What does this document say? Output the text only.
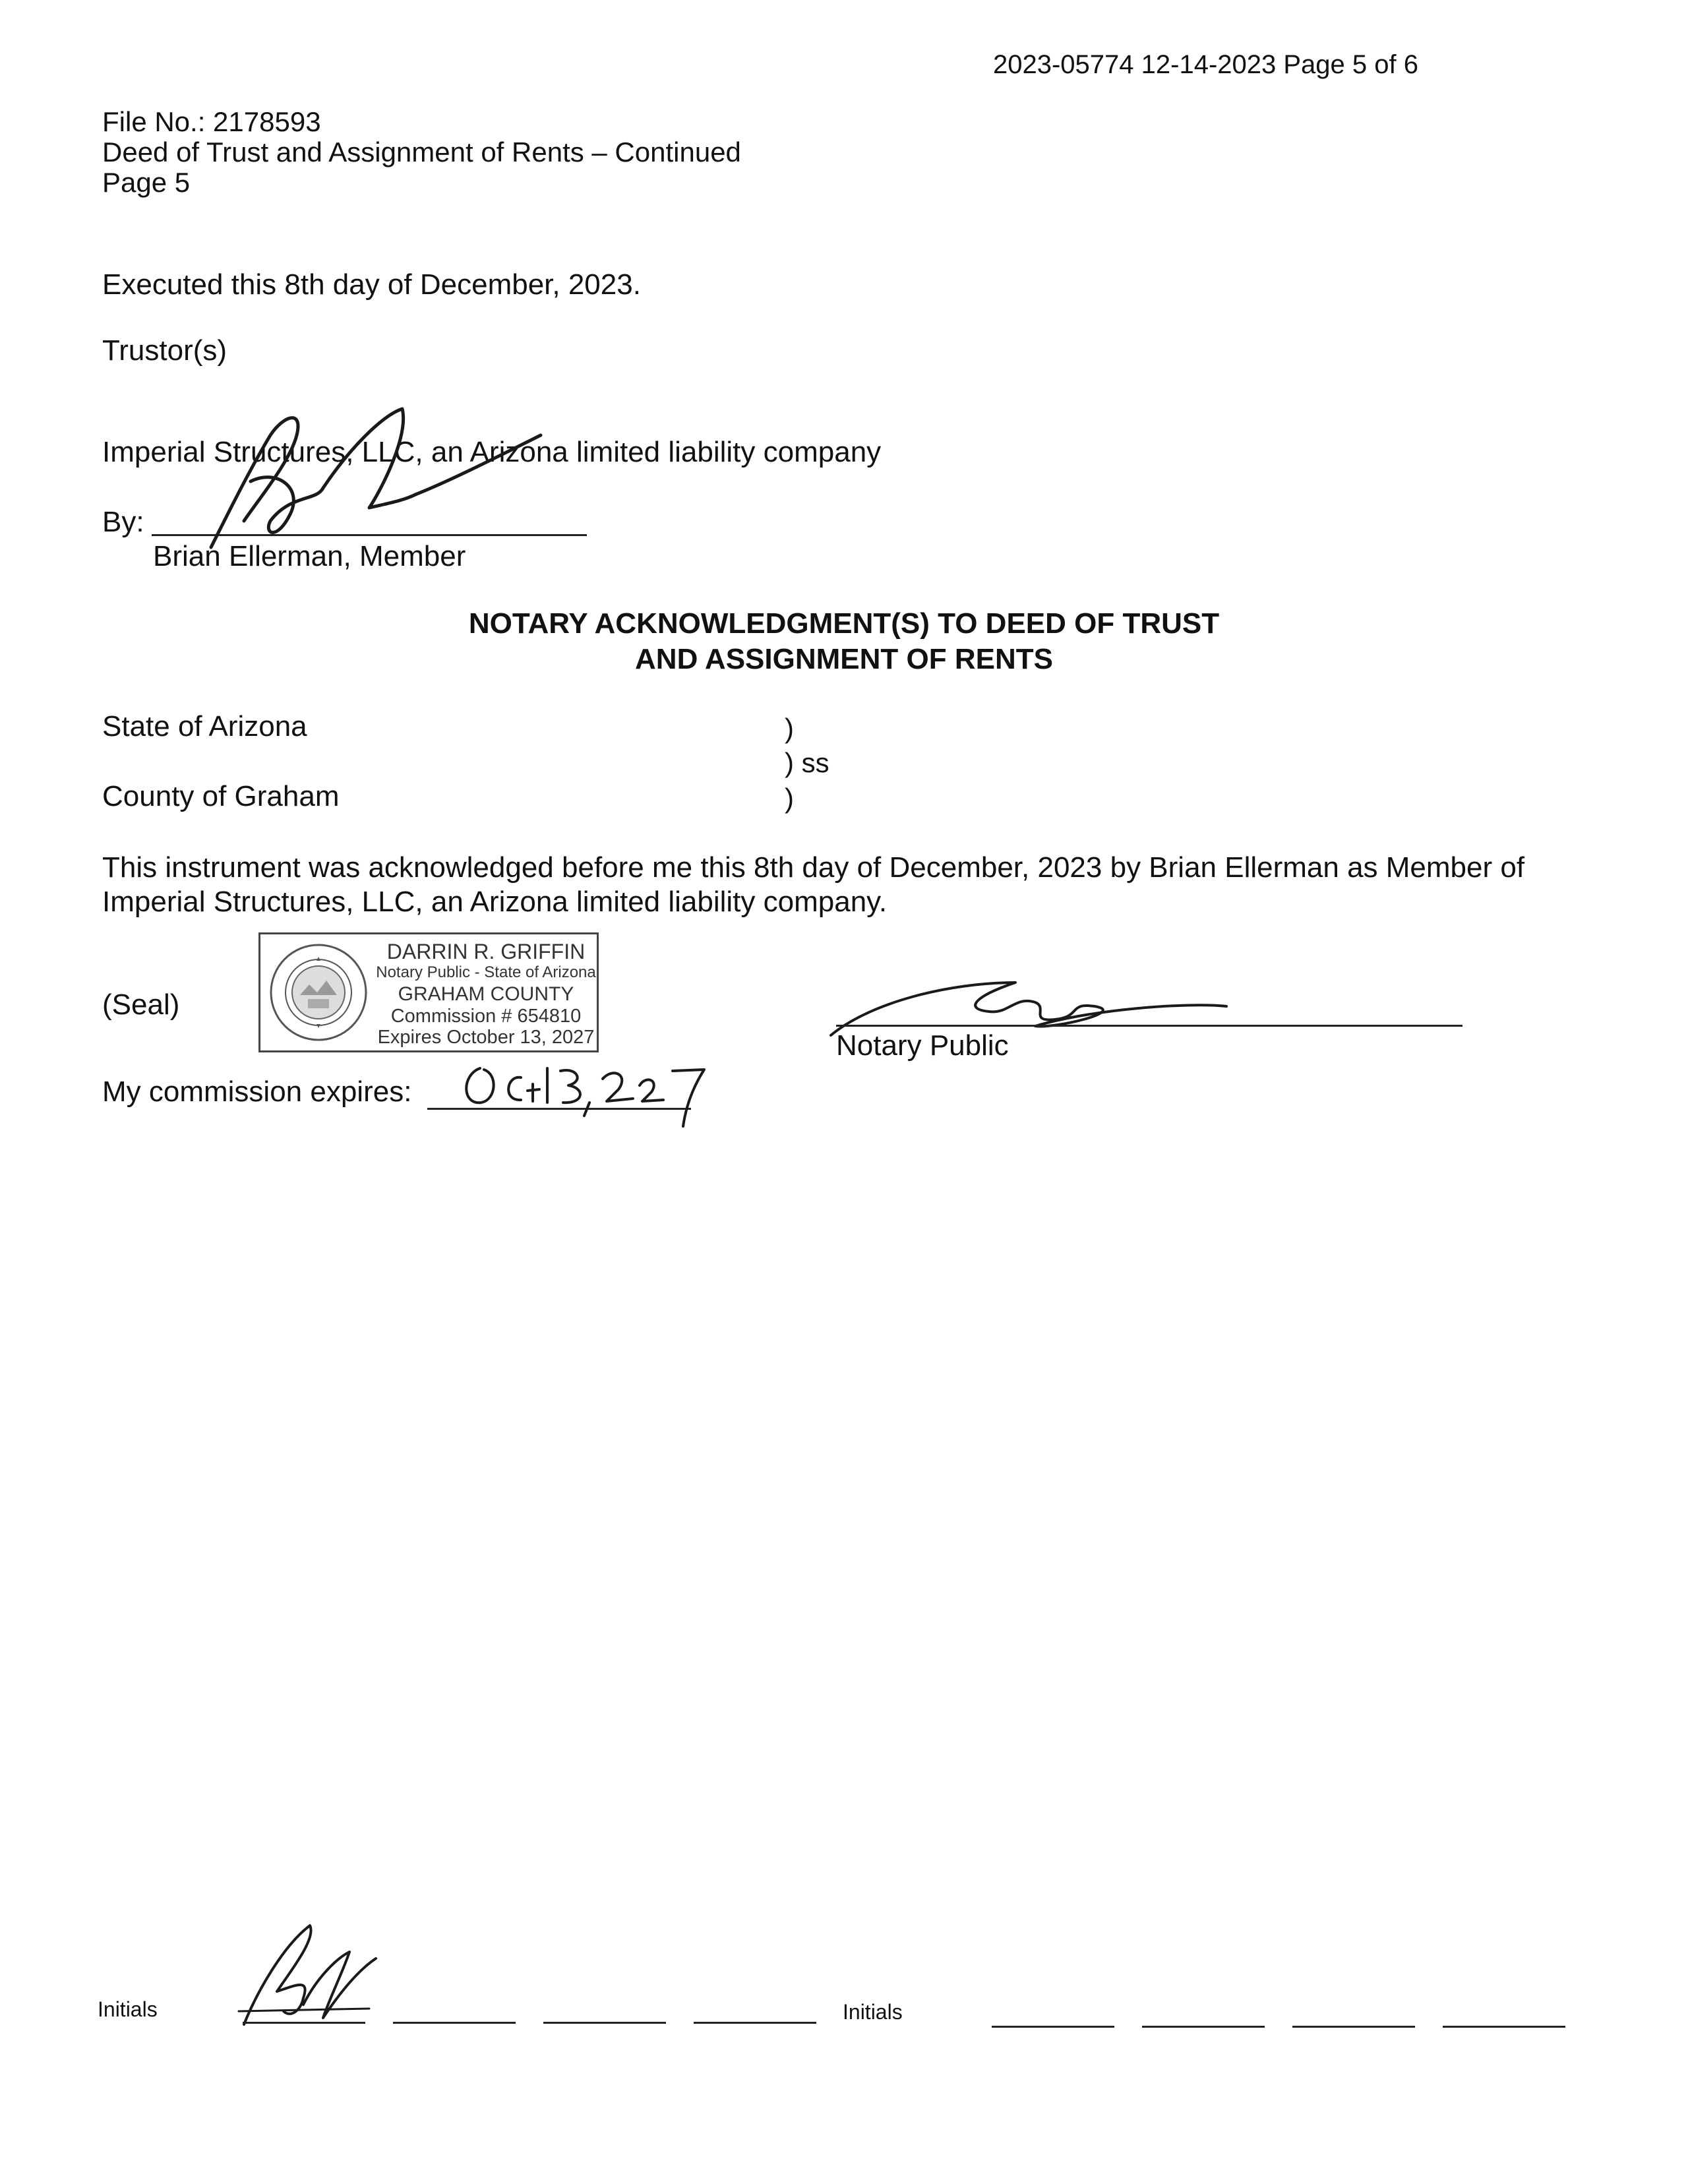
2023-05774 12-14-2023 Page 5 of 6
File No.: 2178593
Deed of Trust and Assignment of Rents – Continued
Page 5
Executed this 8th day of December, 2023.
Trustor(s)
Imperial Structures, LLC, an Arizona limited liability company
By:
Brian Ellerman, Member
NOTARY ACKNOWLEDGMENT(S) TO DEED OF TRUST
AND ASSIGNMENT OF RENTS
State of Arizona	)
) ss
County of Graham	)
This instrument was acknowledged before me this 8th day of December, 2023 by Brian Ellerman as Member of
Imperial Structures, LLC, an Arizona limited liability company.
(Seal)
DARRIN R. GRIFFIN
Notary Public - State of Arizona
GRAHAM COUNTY
Commission # 654810
Expires October 13, 2027	Notary Public
My commission expires:
Initials	Initials
